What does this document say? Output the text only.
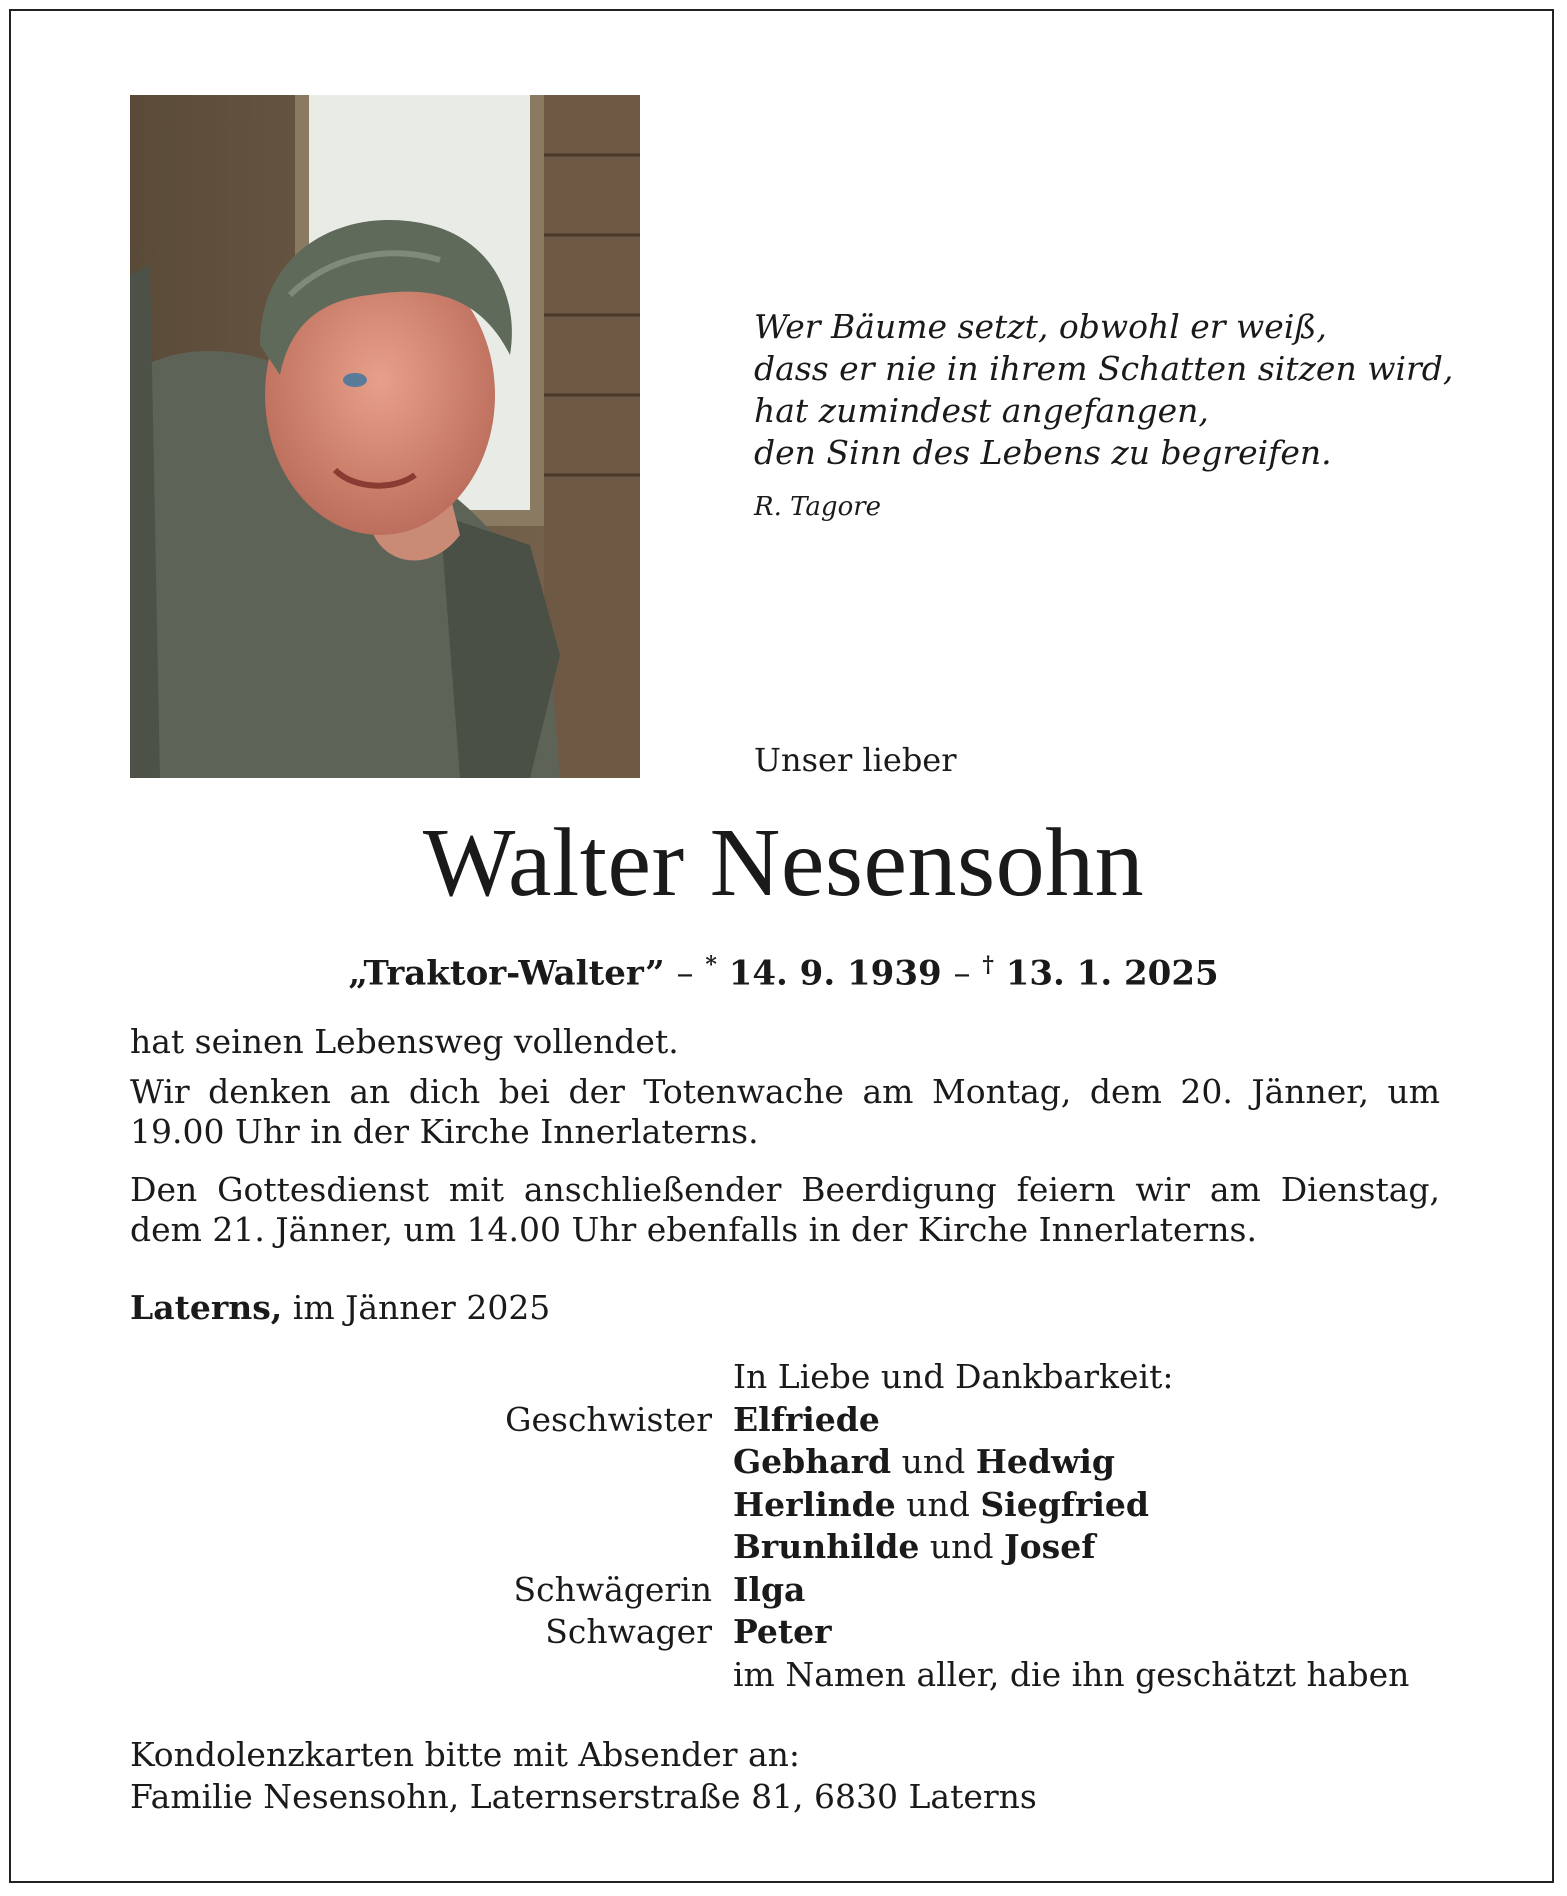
Wer Bäume setzt, obwohl er weiß,
dass er nie in ihrem Schatten sitzen wird,
hat zumindest angefangen,
den Sinn des Lebens zu begreifen.
R. Tagore
Unser lieber
Walter Nesensohn
„Traktor-Walter” – * 14. 9. 1939 – † 13. 1. 2025
hat seinen Lebensweg vollendet.
Wir denken an dich bei der Totenwache am Montag, dem 20. Jänner, um 19.00 Uhr in der Kirche Innerlaterns.
Den Gottesdienst mit anschließender Beerdigung feiern wir am Dienstag, dem 21. Jänner, um 14.00 Uhr ebenfalls in der Kirche Innerlaterns.
Laterns, im Jänner 2025
In Liebe und Dankbarkeit:
Geschwister Elfriede
Gebhard und Hedwig
Herlinde und Siegfried
Brunhilde und Josef
Schwägerin Ilga
Schwager Peter
im Namen aller, die ihn geschätzt haben
Kondolenzkarten bitte mit Absender an:
Familie Nesensohn, Laternserstraße 81, 6830 Laterns
